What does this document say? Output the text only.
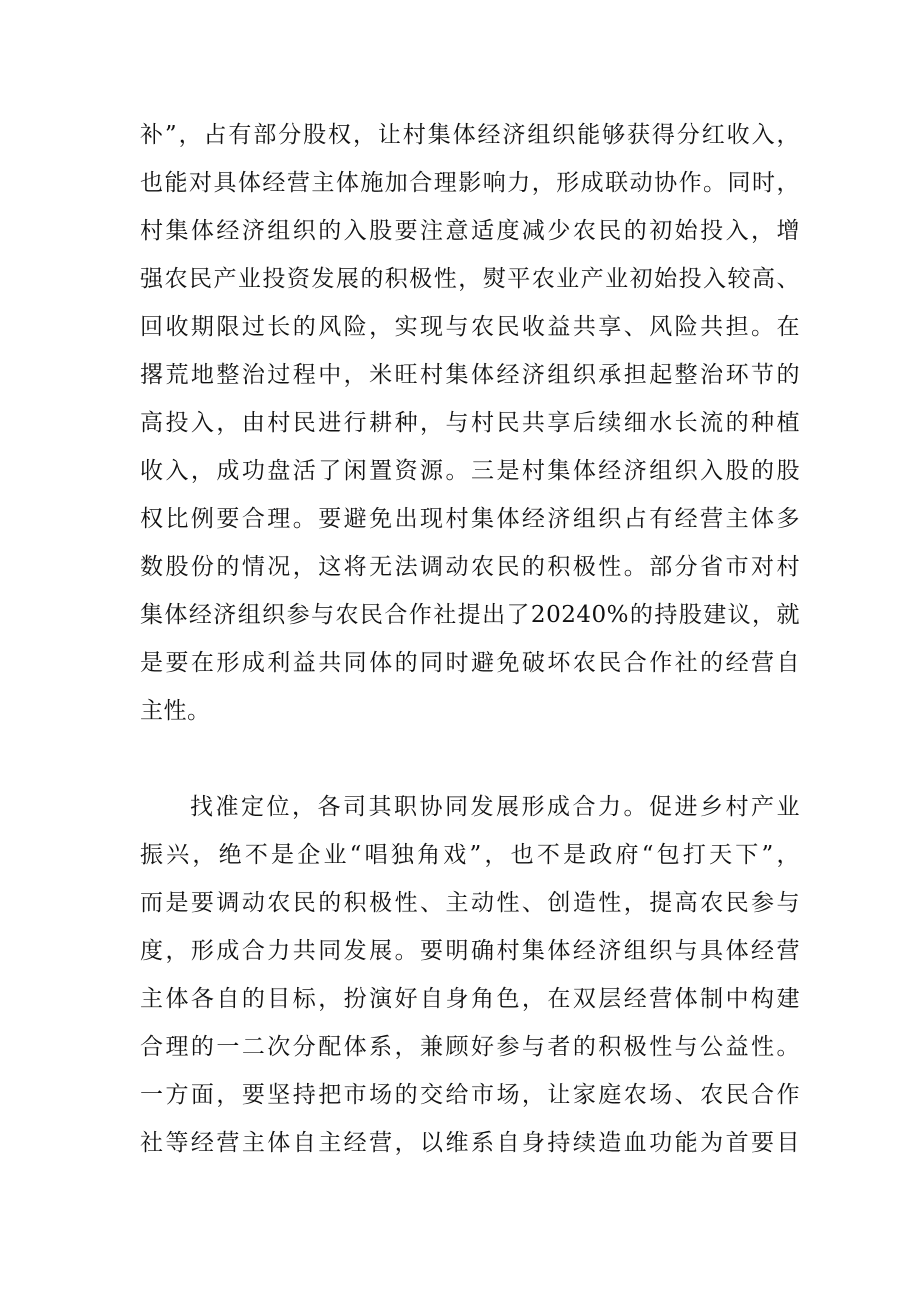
补”，占有部分股权，让村集体经济组织能够获得分红收入，
也能对具体经营主体施加合理影响力，形成联动协作。同时，
村集体经济组织的入股要注意适度减少农民的初始投入，增
强农民产业投资发展的积极性，熨平农业产业初始投入较高、
回收期限过长的风险，实现与农民收益共享、风险共担。在
撂荒地整治过程中，米旺村集体经济组织承担起整治环节的
高投入，由村民进行耕种，与村民共享后续细水长流的种植
收入，成功盘活了闲置资源。三是村集体经济组织入股的股
权比例要合理。要避免出现村集体经济组织占有经营主体多
数股份的情况，这将无法调动农民的积极性。部分省市对村
集体经济组织参与农民合作社提出了20240%的持股建议，就
是要在形成利益共同体的同时避免破坏农民合作社的经营自
主性。
找准定位，各司其职协同发展形成合力。促进乡村产业
振兴，绝不是企业“唱独角戏”，也不是政府“包打天下”，
而是要调动农民的积极性、主动性、创造性，提高农民参与
度，形成合力共同发展。要明确村集体经济组织与具体经营
主体各自的目标，扮演好自身角色，在双层经营体制中构建
合理的一二次分配体系，兼顾好参与者的积极性与公益性。
一方面，要坚持把市场的交给市场，让家庭农场、农民合作
社等经营主体自主经营，以维系自身持续造血功能为首要目
